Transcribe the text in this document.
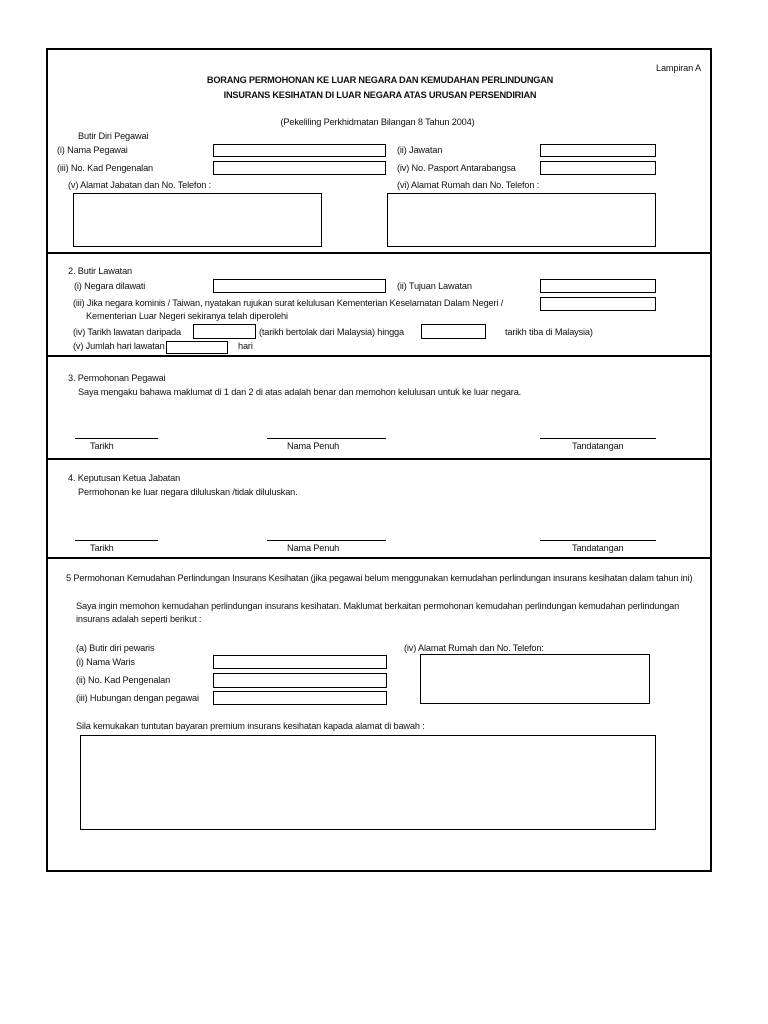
Lampiran A
BORANG PERMOHONAN KE LUAR NEGARA DAN KEMUDAHAN PERLINDUNGAN
INSURANS KESIHATAN DI LUAR NEGARA ATAS URUSAN PERSENDIRIAN
(Pekeliling Perkhidmatan Bilangan 8 Tahun 2004)
Butir Diri Pegawai
(i) Nama Pegawai	(ii) Jawatan
(iii) No. Kad Pengenalan	(iv) No. Pasport Antarabangsa
(v) Alamat Jabatan dan No. Telefon :	(vi) Alamat Rumah dan No. Telefon :
2. Butir Lawatan
(i) Negara dilawati	(ii) Tujuan Lawatan
(iii) Jika negara kominis / Taiwan, nyatakan rujukan surat kelulusan Kementerian Keselamatan Dalam Negeri /
Kementerian Luar Negeri sekiranya telah diperolehi
(iv) Tarikh lawatan daripada	(tarikh bertolak dari Malaysia) hingga	tarikh tiba di Malaysia)
(v) Jumlah hari lawatan	hari
3. Permohonan Pegawai
Saya mengaku bahawa maklumat di 1 dan 2 di atas adalah benar dan memohon kelulusan untuk ke luar negara.
Tarikh	Nama Penuh	Tandatangan
4. Keputusan Ketua Jabatan
Permohonan ke luar negara diluluskan /tidak diluluskan.
Tarikh	Nama Penuh	Tandatangan
5 Permohonan Kemudahan Perlindungan Insurans Kesihatan (jika pegawai belum menggunakan kemudahan perlindungan insurans kesihatan dalam tahun ini)
Saya ingin memohon kemudahan perlindungan insurans kesihatan. Maklumat berkaitan permohonan kemudahan perlindungan kemudahan perlindungan
insurans adalah seperti berikut :
(a) Butir diri pewaris	(iv) Alamat Rumah dan No. Telefon:
(i) Nama Waris
(ii) No. Kad Pengenalan
(iii) Hubungan dengan pegawai
Sila kemukakan tuntutan bayaran premium insurans kesihatan kapada alamat di bawah :
